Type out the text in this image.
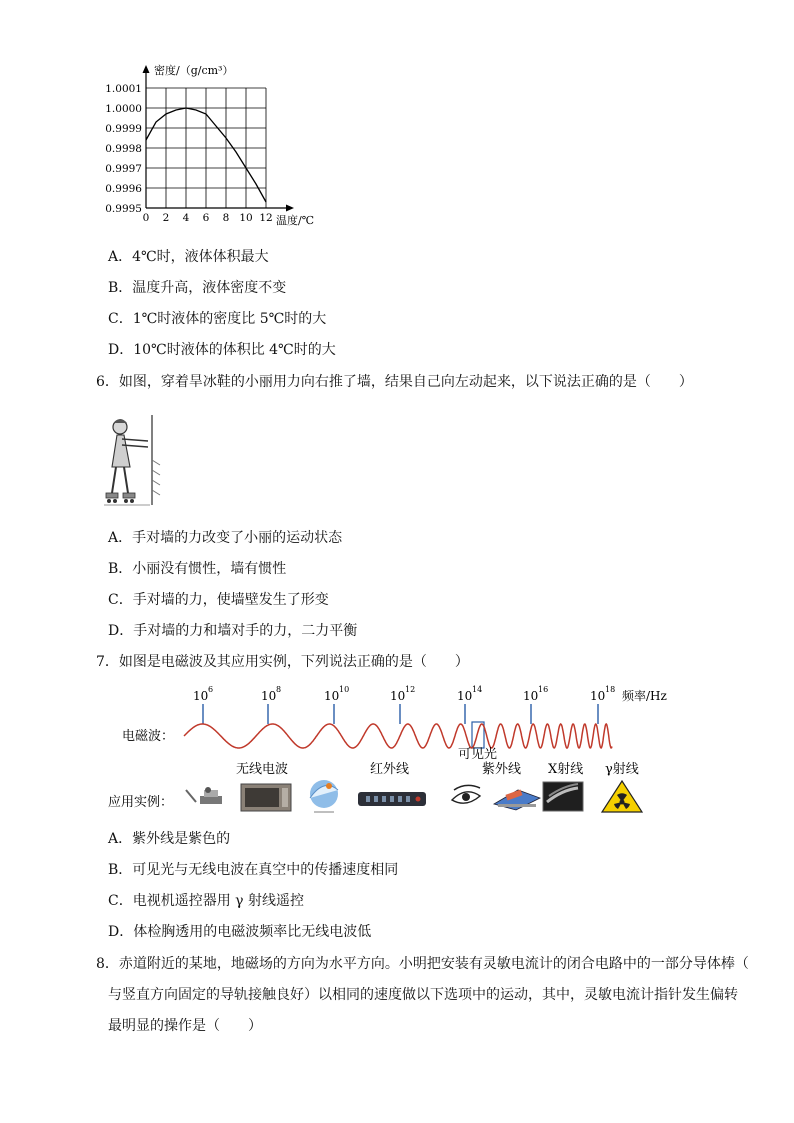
0.9995
0.9996
0.9997
0.9998
0.9999
1.0000
1.0001
0 2 4 6 8 10 12
密度/（g/cm³）
温度/℃
A．4℃时，液体体积最大
B．温度升高，液体密度不变
C．1℃时液体的密度比 5℃时的大
D．10℃时液体的体积比 4℃时的大
6．如图，穿着旱冰鞋的小丽用力向右推了墙，结果自己向左动起来，以下说法正确的是（　　）
A．手对墙的力改变了小丽的运动状态
B．小丽没有惯性，墙有惯性
C．手对墙的力，使墙壁发生了形变
D．手对墙的力和墙对手的力，二力平衡
7．如图是电磁波及其应用实例，下列说法正确的是（　　）
10 6	10 8	10 10	10 12	10 14	10 16	10 18 频率/Hz
电磁波：
可见光
无线电波	红外线	紫外线 X射线 γ射线
应用实例：
A．紫外线是紫色的
B．可见光与无线电波在真空中的传播速度相同
C．电视机遥控器用 γ 射线遥控
D．体检胸透用的电磁波频率比无线电波低
8．赤道附近的某地，地磁场的方向为水平方向。小明把安装有灵敏电流计的闭合电路中的一部分导体棒（
与竖直方向固定的导轨接触良好）以相同的速度做以下选项中的运动，其中，灵敏电流计指针发生偏转
最明显的操作是（　　）
